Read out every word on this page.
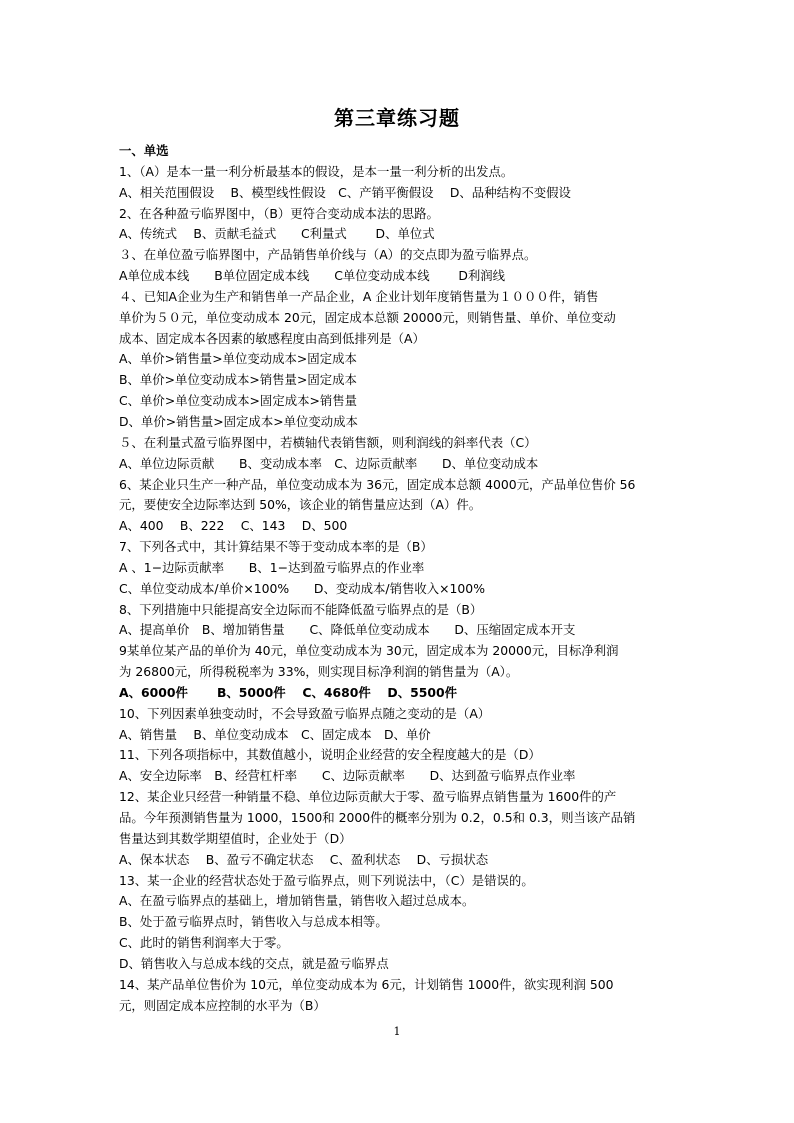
第三章练习题
一、单选
1、（A）是本一量一利分析最基本的假设，是本一量一利分析的出发点。
A、相关范围假设　 B、模型线性假设　C、产销平衡假设　 D、品种结构不变假设
2、在各种盈亏临界图中，（B）更符合变动成本法的思路。
A、传统式　 B、贡献毛益式　　C利量式　　 D、单位式
３、在单位盈亏临界图中，产品销售单价线与（A）的交点即为盈亏临界点。
A单位成本线　　B单位固定成本线　　C单位变动成本线　　 D利润线
４、已知A企业为生产和销售单一产品企业，A 企业计划年度销售量为１０００件，销售
单价为５０元，单位变动成本 20元，固定成本总额 20000元，则销售量、单价、单位变动
成本、固定成本各因素的敏感程度由高到低排列是（A）
A、单价>销售量>单位变动成本>固定成本
B、单价>单位变动成本>销售量>固定成本
C、单价>单位变动成本>固定成本>销售量
D、单价>销售量>固定成本>单位变动成本
５、在利量式盈亏临界图中，若横轴代表销售额，则利润线的斜率代表（C）
A、单位边际贡献　　B、变动成本率　C、边际贡献率　　D、单位变动成本
6、某企业只生产一种产品，单位变动成本为 36元，固定成本总额 4000元，产品单位售价 56
元，要使安全边际率达到 50%，该企业的销售量应达到（A）件。
A、400　 B、222　 C、143　 D、500
7、下列各式中，其计算结果不等于变动成本率的是（B）
A 、1−边际贡献率　　B、1−达到盈亏临界点的作业率
C、单位变动成本/单价×100%　　D、变动成本/销售收入×100%
8、下列措施中只能提高安全边际而不能降低盈亏临界点的是（B）
A、提高单价　B、增加销售量　　C、降低单位变动成本　　D、压缩固定成本开支
9某单位某产品的单价为 40元，单位变动成本为 30元，固定成本为 20000元，目标净利润
为 26800元，所得税税率为 33%，则实现目标净利润的销售量为（A）。
A、6000件　　 B、5000件　 C、4680件　 D、5500件
10、下列因素单独变动时，不会导致盈亏临界点随之变动的是（A）
A、销售量　 B、单位变动成本　C、固定成本　D、单价
11、下列各项指标中，其数值越小，说明企业经营的安全程度越大的是（D）
A、安全边际率　B、经营杠杆率　　C、边际贡献率　　D、达到盈亏临界点作业率
12、某企业只经营一种销量不稳、单位边际贡献大于零、盈亏临界点销售量为 1600件的产
品。今年预测销售量为 1000，1500和 2000件的概率分别为 0.2，0.5和 0.3，则当该产品销
售量达到其数学期望值时，企业处于（D）
A、保本状态　 B、盈亏不确定状态　 C、盈利状态　 D、亏损状态
13、某一企业的经营状态处于盈亏临界点，则下列说法中，（C）是错误的。
A、在盈亏临界点的基础上，增加销售量，销售收入超过总成本。
B、处于盈亏临界点时，销售收入与总成本相等。
C、此时的销售利润率大于零。
D、销售收入与总成本线的交点，就是盈亏临界点
14、某产品单位售价为 10元，单位变动成本为 6元，计划销售 1000件，欲实现利润 500
元，则固定成本应控制的水平为（B）
1
